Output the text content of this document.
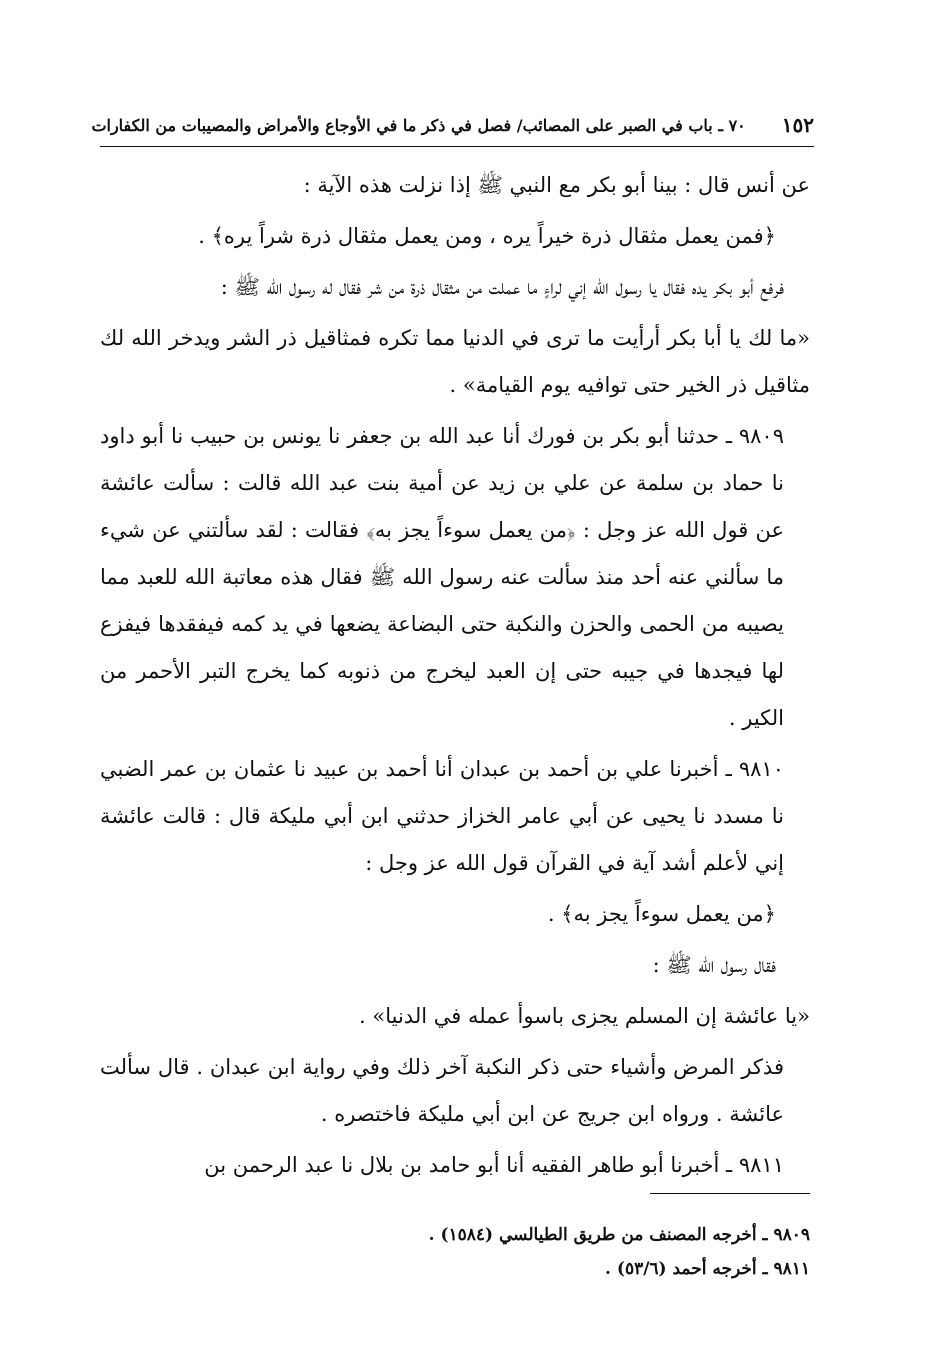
١٥٢
٧٠ ـ باب في الصبر على المصائب/ فصل في ذكر ما في الأوجاع والأمراض والمصيبات من الكفارات

عن أنس قال : بينا أبو بكر مع النبي ﷺ إذا نزلت هذه الآية :

﴿فمن يعمل مثقال ذرة خيراً يره ، ومن يعمل مثقال ذرة شراً يره﴾ .

فرفع أبو بكر يده فقال يا رسول الله إني لراءٍ ما عملت من مثقال ذرة من شر فقال له رسول الله ﷺ :

«ما لك يا أبا بكر أرأيت ما ترى في الدنيا مما تكره فمثاقيل ذر الشر ويدخر الله لك مثاقيل ذر الخير حتى توافيه يوم القيامة» .

٩٨٠٩ ـ حدثنا أبو بكر بن فورك أنا عبد الله بن جعفر نا يونس بن حبيب نا أبو داود نا حماد بن سلمة عن علي بن زيد عن أمية بنت عبد الله قالت : سألت عائشة عن قول الله عز وجل : ﴿من يعمل سوءاً يجز به﴾ فقالت : لقد سألتني عن شيء ما سألني عنه أحد منذ سألت عنه رسول الله ﷺ فقال هذه معاتبة الله للعبد مما يصيبه من الحمى والحزن والنكبة حتى البضاعة يضعها في يد كمه فيفقدها فيفزع لها فيجدها في جيبه حتى إن العبد ليخرج من ذنوبه كما يخرج التبر الأحمر من الكير .

٩٨١٠ ـ أخبرنا علي بن أحمد بن عبدان أنا أحمد بن عبيد نا عثمان بن عمر الضبي نا مسدد نا يحيى عن أبي عامر الخزاز حدثني ابن أبي مليكة قال : قالت عائشة إني لأعلم أشد آية في القرآن قول الله عز وجل :

﴿من يعمل سوءاً يجز به﴾ .

فقال رسول الله ﷺ :

«يا عائشة إن المسلم يجزى باسوأ عمله في الدنيا» .

فذكر المرض وأشياء حتى ذكر النكبة آخر ذلك وفي رواية ابن عبدان . قال سألت عائشة . ورواه ابن جريج عن ابن أبي مليكة فاختصره .

٩٨١١ ـ أخبرنا أبو طاهر الفقيه أنا أبو حامد بن بلال نا عبد الرحمن بن

٩٨٠٩ ـ أخرجه المصنف من طريق الطيالسي (١٥٨٤) .
٩٨١١ ـ أخرجه أحمد (٥٣/٦) .
